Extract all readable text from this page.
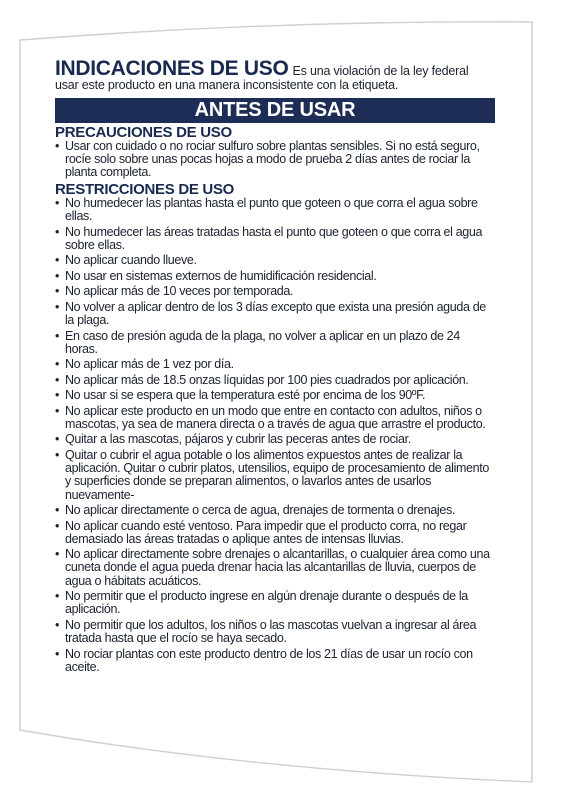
INDICACIONES DE USO Es una violación de la ley federal usar este producto en una manera inconsistente con la etiqueta.

ANTES DE USAR
PRECAUCIONES DE USO
• Usar con cuidado o no rociar sulfuro sobre plantas sensibles. Si no está seguro, rocíe solo sobre unas pocas hojas a modo de prueba 2 días antes de rociar la planta completa.
RESTRICCIONES DE USO
• No humedecer las plantas hasta el punto que goteen o que corra el agua sobre ellas.
• No humedecer las áreas tratadas hasta el punto que goteen o que corra el agua sobre ellas.
• No aplicar cuando llueve.
• No usar en sistemas externos de humidificación residencial.
• No aplicar más de 10 veces por temporada.
• No volver a aplicar dentro de los 3 días excepto que exista una presión aguda de la plaga.
• En caso de presión aguda de la plaga, no volver a aplicar en un plazo de 24 horas.
• No aplicar más de 1 vez por día.
• No aplicar más de 18.5 onzas líquidas por 100 pies cuadrados por aplicación.
• No usar si se espera que la temperatura esté por encima de los 90ºF.
• No aplicar este producto en un modo que entre en contacto con adultos, niños o mascotas, ya sea de manera directa o a través de agua que arrastre el producto.
• Quitar a las mascotas, pájaros y cubrir las peceras antes de rociar.
• Quitar o cubrir el agua potable o los alimentos expuestos antes de realizar la aplicación. Quitar o cubrir platos, utensilios, equipo de procesamiento de alimento y superficies donde se preparan alimentos, o lavarlos antes de usarlos nuevamente-
• No aplicar directamente o cerca de agua, drenajes de tormenta o drenajes.
• No aplicar cuando esté ventoso. Para impedir que el producto corra, no regar demasiado las áreas tratadas o aplique antes de intensas lluvias.
• No aplicar directamente sobre drenajes o alcantarillas, o cualquier área como una cuneta donde el agua pueda drenar hacia las alcantarillas de lluvia, cuerpos de agua o hábitats acuáticos.
• No permitir que el producto ingrese en algún drenaje durante o después de la aplicación.
• No permitir que los adultos, los niños o las mascotas vuelvan a ingresar al área tratada hasta que el rocío se haya secado.
• No rociar plantas con este producto dentro de los 21 días de usar un rocío con aceite.
